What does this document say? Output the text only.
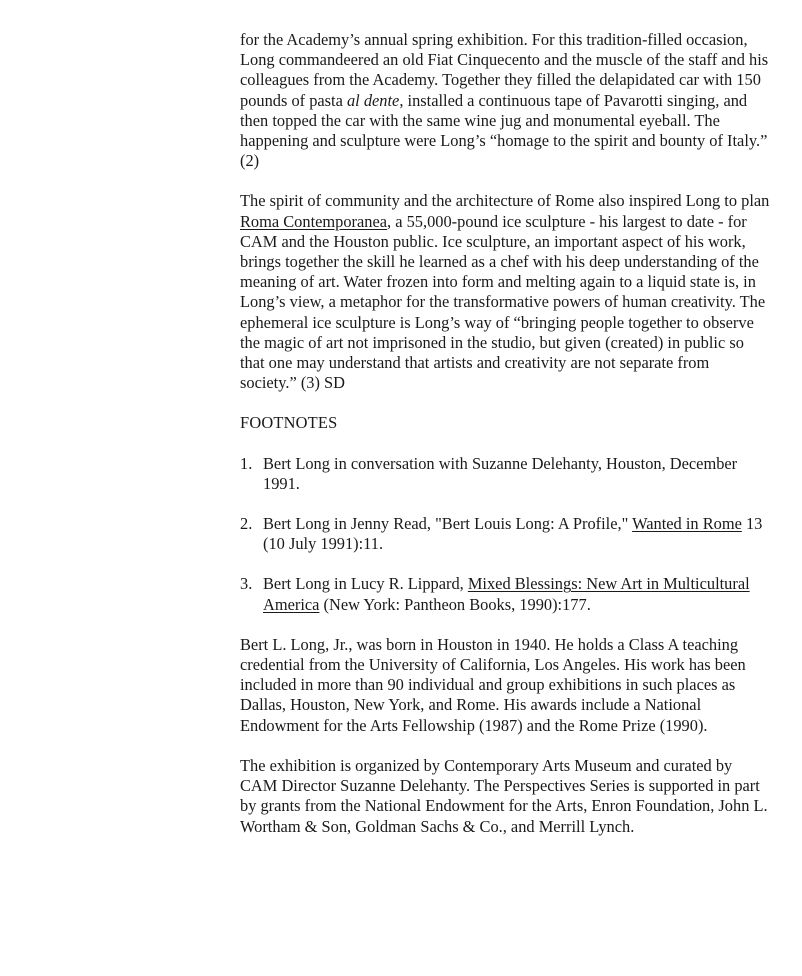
for the Academy’s annual spring exhibition. For this tradition-filled occasion, Long commandeered an old Fiat Cinquecento and the muscle of the staff and his colleagues from the Academy. Together they filled the delapidated car with 150 pounds of pasta al dente, installed a continuous tape of Pavarotti singing, and then topped the car with the same wine jug and monumental eyeball. The happening and sculpture were Long’s “homage to the spirit and bounty of Italy.” (2)

The spirit of community and the architecture of Rome also inspired Long to plan Roma Contemporanea, a 55,000-pound ice sculpture - his largest to date - for CAM and the Houston public. Ice sculpture, an important aspect of his work, brings together the skill he learned as a chef with his deep understanding of the meaning of art. Water frozen into form and melting again to a liquid state is, in Long’s view, a metaphor for the transformative powers of human creativity. The ephemeral ice sculpture is Long’s way of “bringing people together to observe the magic of art not imprisoned in the studio, but given (created) in public so that one may understand that artists and creativity are not separate from society.” (3) SD

FOOTNOTES

1. Bert Long in conversation with Suzanne Delehanty, Houston, December 1991.
2. Bert Long in Jenny Read, "Bert Louis Long: A Profile," Wanted in Rome 13 (10 July 1991):11.
3. Bert Long in Lucy R. Lippard, Mixed Blessings: New Art in Multicultural America (New York: Pantheon Books, 1990):177.

Bert L. Long, Jr., was born in Houston in 1940. He holds a Class A teaching credential from the University of California, Los Angeles. His work has been included in more than 90 individual and group exhibitions in such places as Dallas, Houston, New York, and Rome. His awards include a National Endowment for the Arts Fellowship (1987) and the Rome Prize (1990).

The exhibition is organized by Contemporary Arts Museum and curated by CAM Director Suzanne Delehanty. The Perspectives Series is supported in part by grants from the National Endowment for the Arts, Enron Foundation, John L. Wortham & Son, Goldman Sachs & Co., and Merrill Lynch.
